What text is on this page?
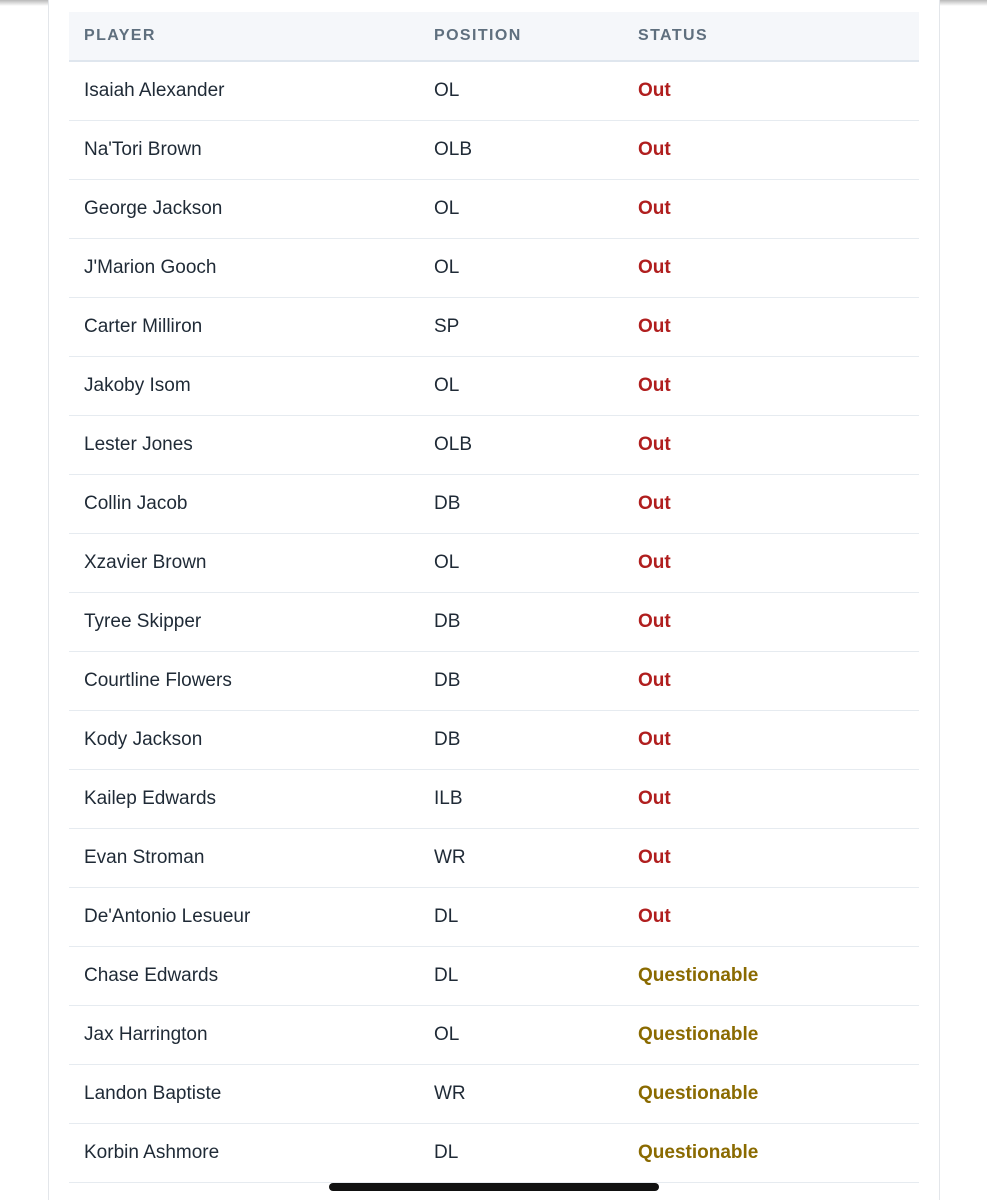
PLAYER	POSITION	STATUS
Isaiah Alexander	OL	Out
Na'Tori Brown	OLB	Out
George Jackson	OL	Out
J'Marion Gooch	OL	Out
Carter Milliron	SP	Out
Jakoby Isom	OL	Out
Lester Jones	OLB	Out
Collin Jacob	DB	Out
Xzavier Brown	OL	Out
Tyree Skipper	DB	Out
Courtline Flowers	DB	Out
Kody Jackson	DB	Out
Kailep Edwards	ILB	Out
Evan Stroman	WR	Out
De'Antonio Lesueur	DL	Out
Chase Edwards	DL	Questionable
Jax Harrington	OL	Questionable
Landon Baptiste	WR	Questionable
Korbin Ashmore	DL	Questionable
